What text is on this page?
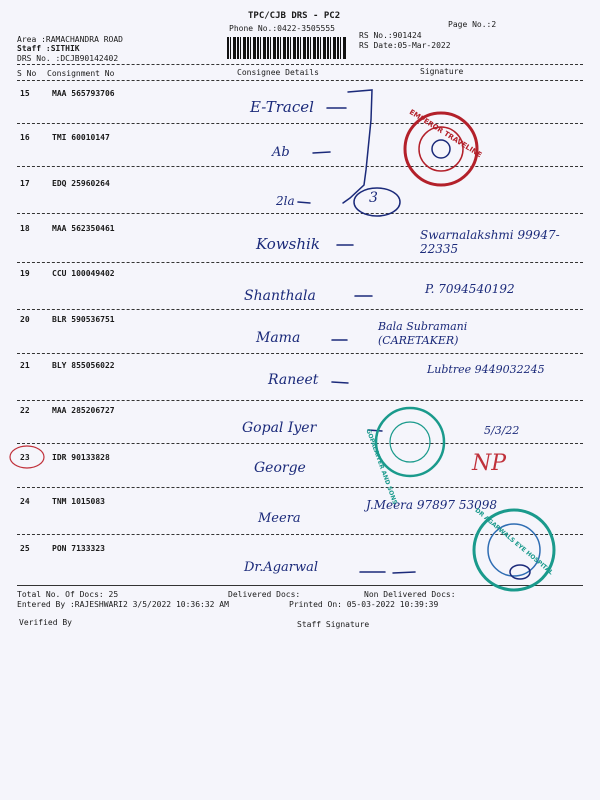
TPC/CJB DRS - PC2
Phone No.:0422-3505555	Page No.:2
Area :RAMACHANDRA ROAD
Staff :SITHIK
DRS No. :DCJB90142402
RS No.:901424
RS Date:05-Mar-2022
S No Consignment No	Consignee Details	Signature
15	MAA 565793706
E-Tracel
16	TMI 60010147
Ab
17	EDQ 25960264
2la	3
18	MAA 562350461
Kowshik	Swarnalakshmi 99947-22335
19	CCU 100049402
Shanthala	P. 7094540192
20	BLR 590536751
Mama
Bala Subramani (CARETAKER)
21	BLY 855056022
Raneet
Lubtree 9449032245
22	MAA 285206727
Gopal Iyer	5/3/22
23	IDR 90133828
George	NP
24	TNM 1015083
Meera
J.Meera 97897 53098
25	PON 7133323
Dr.Agarwal
EMPEROR TRAVELINE
GOPALAIYER AND SONS
DR AGARWALS EYE HOSPITAL
Total No. Of Docs: 25	Delivered Docs:	Non Delivered Docs:
Entered By :RAJESHWARI2 3/5/2022 10:36:32 AM	Printed On: 05-03-2022 10:39:39
Verified By	Staff Signature
